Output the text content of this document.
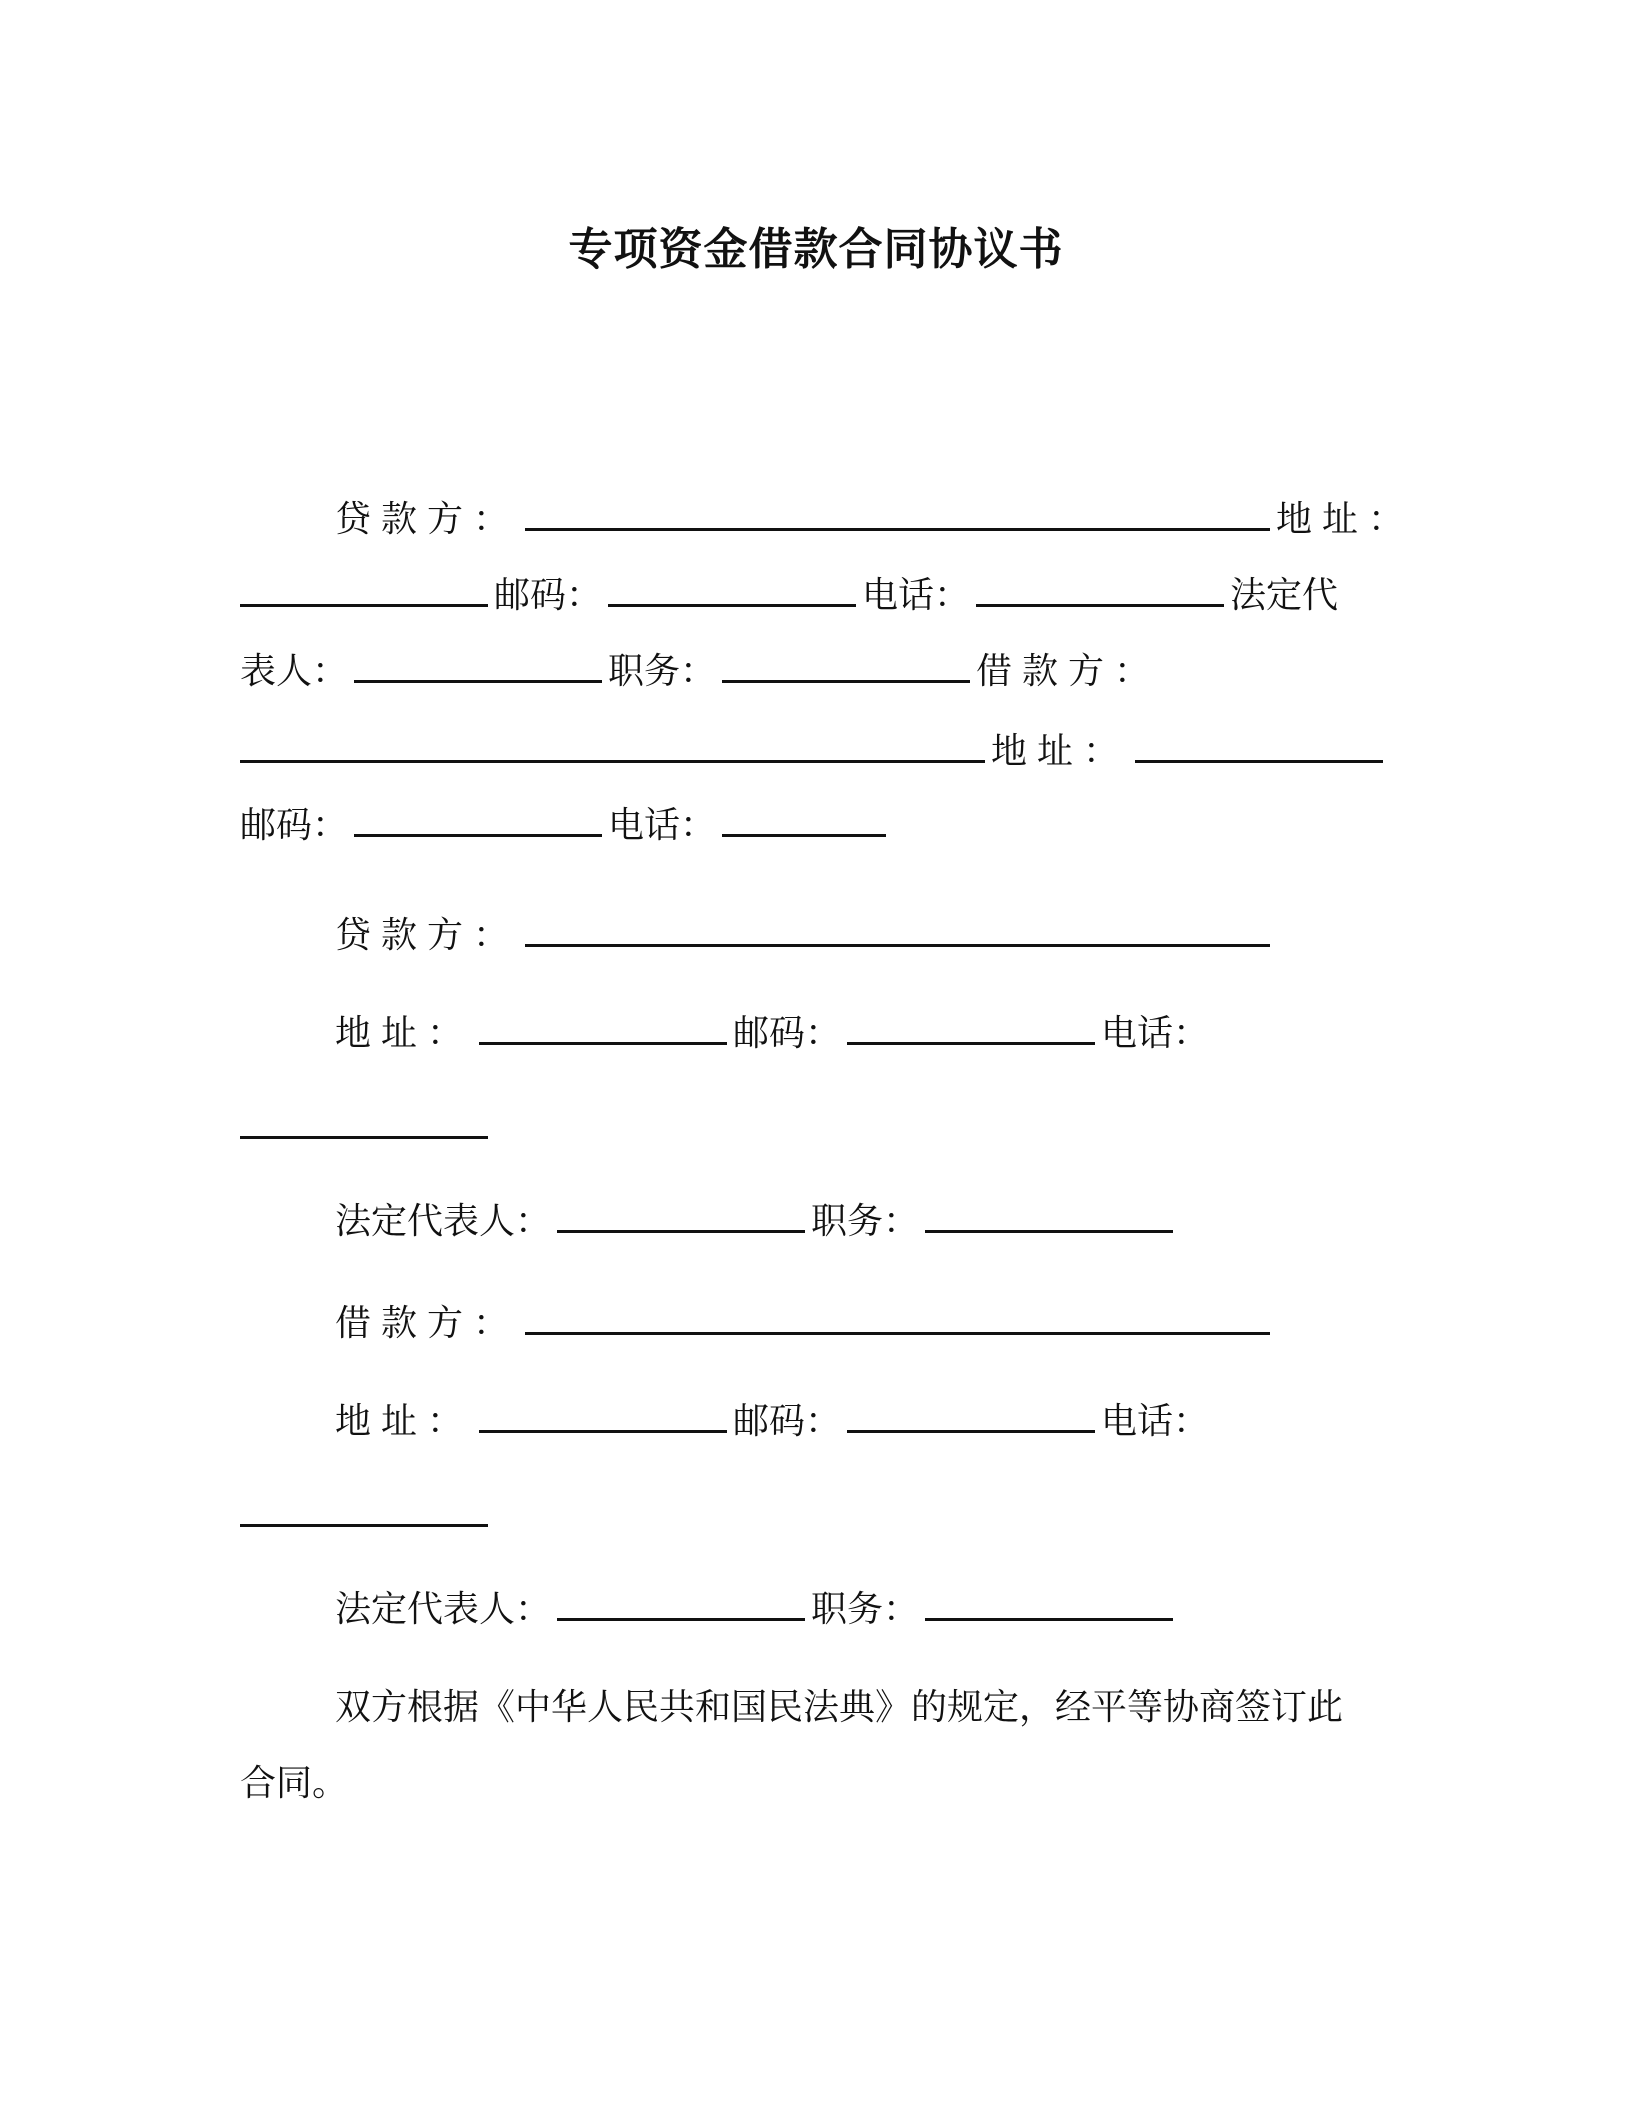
专项资金借款合同协议书
贷款方：	地址：
邮码：	电话：	法定代
表人：	职务：	借款方：
地址：
邮码：	电话：
贷款方：
地址：	邮码：	电话：
法定代表人：	职务：
借款方：
地址：	邮码：	电话：
法定代表人：	职务：
双方根据《中华人民共和国民法典》的规定，经平等协商签订此
合同。
